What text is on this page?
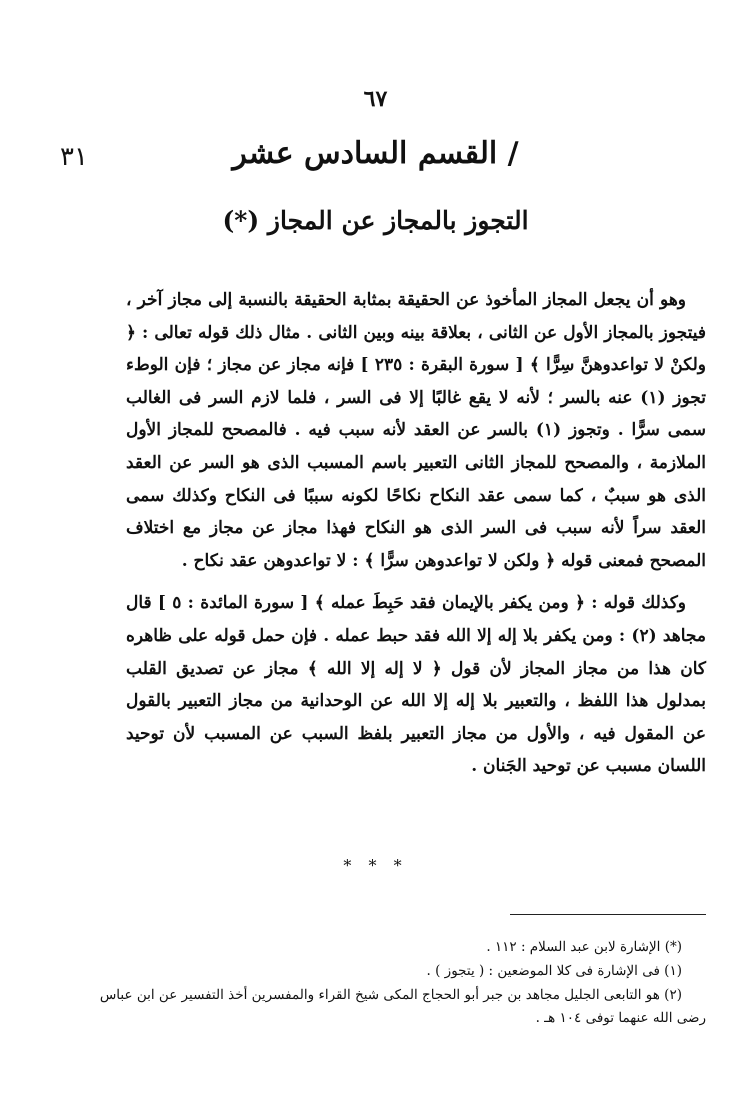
٦٧
٣١	/ القسم السادس عشر
التجوز بالمجاز عن المجاز (*)

وهو أن يجعل المجاز المأخوذ عن الحقيقة بمثابة الحقيقة بالنسبة إلى مجاز آخر ، فيتجوز بالمجاز الأول عن الثانى ، بعلاقة بينه وبين الثانى . مثال ذلك قوله تعالى : ﴿ ولكنْ لا تواعدوهنَّ سِرًّا ﴾ [ سورة البقرة : ٢٣٥ ] فإنه مجاز عن مجاز ؛ فإن الوطء تجوز (١) عنه بالسر ؛ لأنه لا يقع غالبًا إلا فى السر ، فلما لازم السر فى الغالب سمى سرًّا . وتجوز (١) بالسر عن العقد لأنه سبب فيه . فالمصحح للمجاز الأول الملازمة ، والمصحح للمجاز الثانى التعبير باسم المسبب الذى هو السر عن العقد الذى هو سببٌ ، كما سمى عقد النكاح نكاحًا لكونه سببًا فى النكاح وكذلك سمى العقد سراً لأنه سبب فى السر الذى هو النكاح فهذا مجاز عن مجاز مع اختلاف المصحح فمعنى قوله ﴿ ولكن لا تواعدوهن سرًّا ﴾ : لا تواعدوهن عقد نكاح .

وكذلك قوله : ﴿ ومن يكفر بالإيمان فقد حَبِطَ عمله ﴾ [ سورة المائدة : ٥ ] قال مجاهد (٢) : ومن يكفر بلا إله إلا الله فقد حبط عمله . فإن حمل قوله على ظاهره كان هذا من مجاز المجاز لأن قول ﴿ لا إله إلا الله ﴾ مجاز عن تصديق القلب بمدلول هذا اللفظ ، والتعبير بلا إله إلا الله عن الوحدانية من مجاز التعبير بالقول عن المقول فيه ، والأول من مجاز التعبير بلفظ السبب عن المسبب لأن توحيد اللسان مسبب عن توحيد الجَنان .

* * *

(*) الإشارة لابن عبد السلام : ١١٢ .

(١) فى الإشارة فى كلا الموضعين : ( يتجوز ) .

(٢) هو التابعى الجليل مجاهد بن جبر أبو الحجاج المكى شيخ القراء والمفسرين أخذ التفسير عن ابن عباس رضى الله عنهما توفى ١٠٤ هـ .
